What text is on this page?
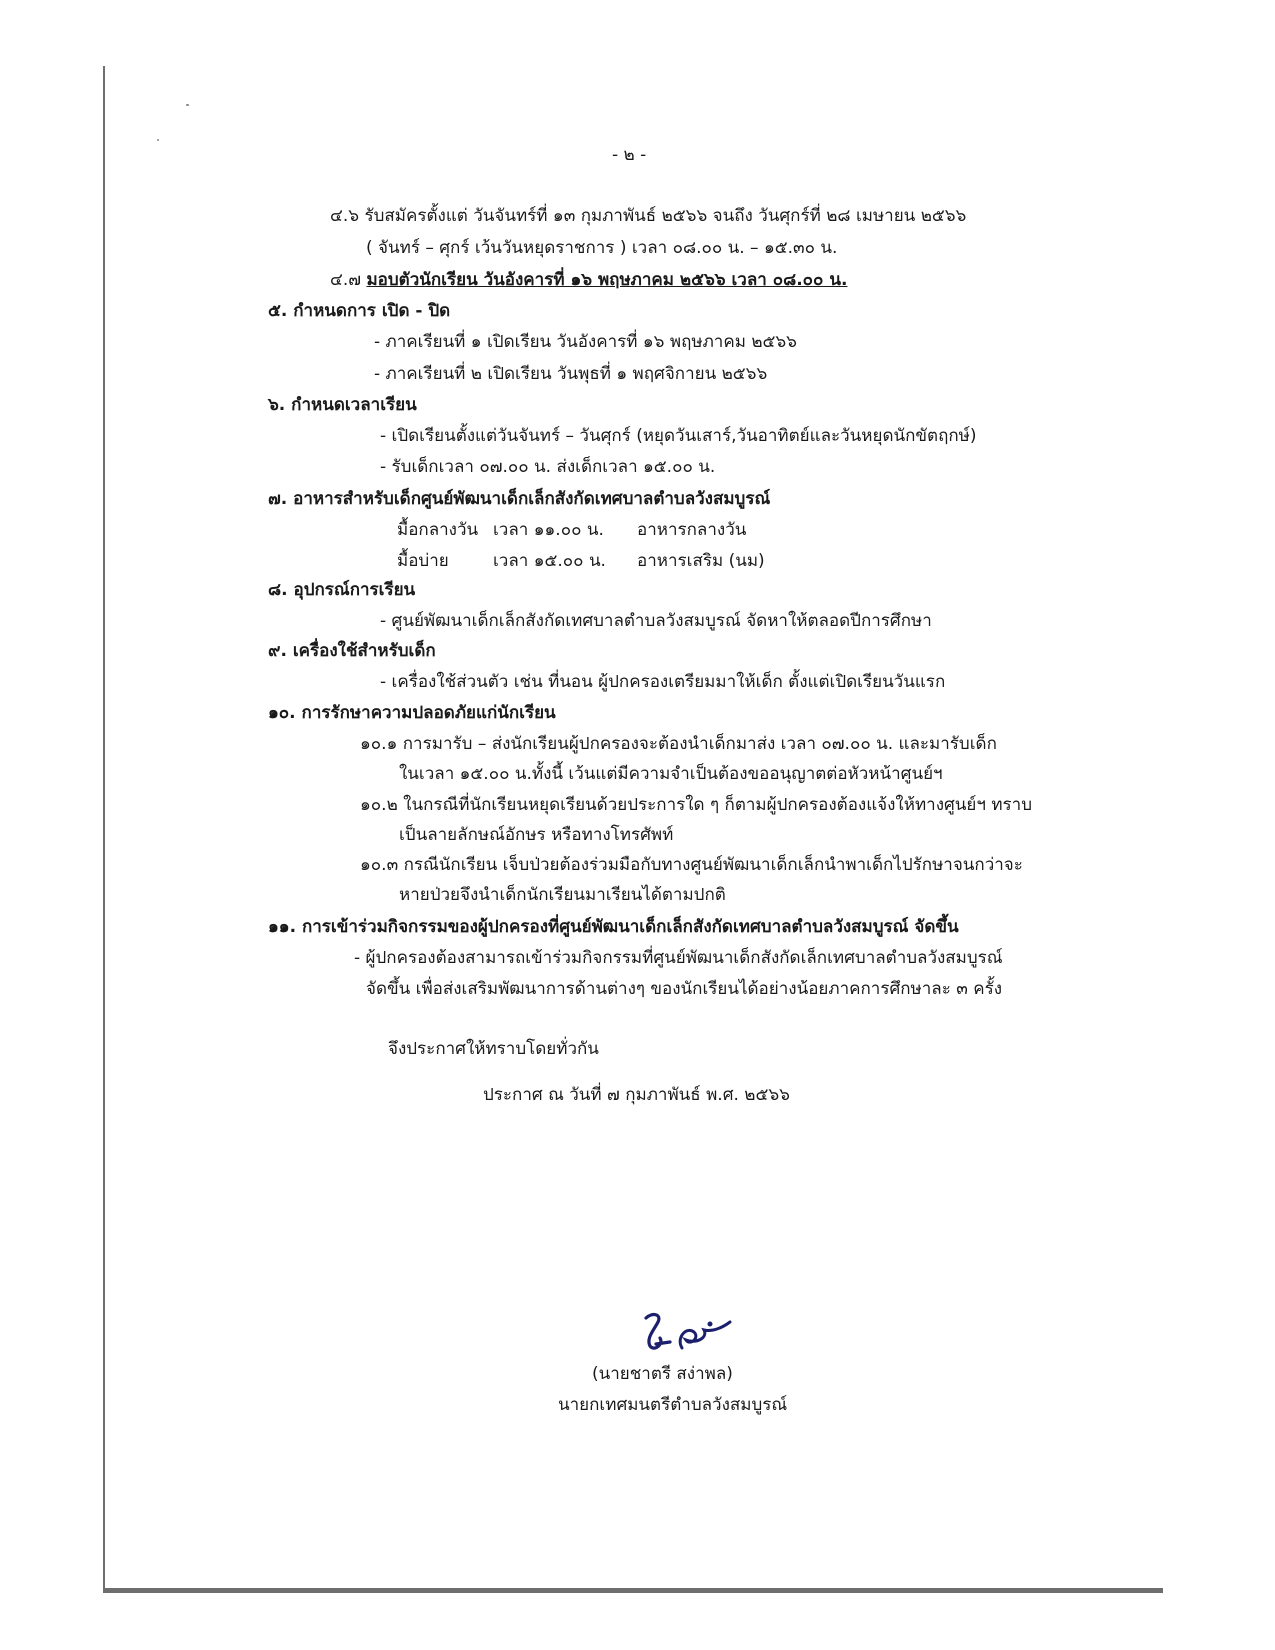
- ๒ -
๔.๖ รับสมัครตั้งแต่ วันจันทร์ที่ ๑๓ กุมภาพันธ์ ๒๕๖๖ จนถึง วันศุกร์ที่ ๒๘ เมษายน ๒๕๖๖
( จันทร์ – ศุกร์ เว้นวันหยุดราชการ ) เวลา ๐๘.๐๐ น. – ๑๕.๓๐ น.
๔.๗ มอบตัวนักเรียน วันอังคารที่ ๑๖ พฤษภาคม ๒๕๖๖ เวลา ๐๘.๐๐ น.
๕. กำหนดการ เปิด - ปิด
- ภาคเรียนที่ ๑ เปิดเรียน วันอังคารที่ ๑๖ พฤษภาคม ๒๕๖๖
- ภาคเรียนที่ ๒ เปิดเรียน วันพุธที่ ๑ พฤศจิกายน ๒๕๖๖
๖. กำหนดเวลาเรียน
- เปิดเรียนตั้งแต่วันจันทร์ – วันศุกร์ (หยุดวันเสาร์,วันอาทิตย์และวันหยุดนักขัตฤกษ์)
- รับเด็กเวลา ๐๗.๐๐ น. ส่งเด็กเวลา ๑๕.๐๐ น.
๗. อาหารสำหรับเด็กศูนย์พัฒนาเด็กเล็กสังกัดเทศบาลตำบลวังสมบูรณ์
มื้อกลางวัน เวลา ๑๑.๐๐ น. อาหารกลางวัน
มื้อบ่าย	เวลา ๑๕.๐๐ น. อาหารเสริม (นม)
๘. อุปกรณ์การเรียน
- ศูนย์พัฒนาเด็กเล็กสังกัดเทศบาลตำบลวังสมบูรณ์ จัดหาให้ตลอดปีการศึกษา
๙. เครื่องใช้สำหรับเด็ก
- เครื่องใช้ส่วนตัว เช่น ที่นอน ผู้ปกครองเตรียมมาให้เด็ก ตั้งแต่เปิดเรียนวันแรก
๑๐. การรักษาความปลอดภัยแก่นักเรียน
๑๐.๑ การมารับ – ส่งนักเรียนผู้ปกครองจะต้องนำเด็กมาส่ง เวลา ๐๗.๐๐ น. และมารับเด็ก
ในเวลา ๑๕.๐๐ น.ทั้งนี้ เว้นแต่มีความจำเป็นต้องขออนุญาตต่อหัวหน้าศูนย์ฯ
๑๐.๒ ในกรณีที่นักเรียนหยุดเรียนด้วยประการใด ๆ ก็ตามผู้ปกครองต้องแจ้งให้ทางศูนย์ฯ ทราบ
เป็นลายลักษณ์อักษร หรือทางโทรศัพท์
๑๐.๓ กรณีนักเรียน เจ็บป่วยต้องร่วมมือกับทางศูนย์พัฒนาเด็กเล็กนำพาเด็กไปรักษาจนกว่าจะ
หายป่วยจึงนำเด็กนักเรียนมาเรียนได้ตามปกติ
๑๑. การเข้าร่วมกิจกรรมของผู้ปกครองที่ศูนย์พัฒนาเด็กเล็กสังกัดเทศบาลตำบลวังสมบูรณ์ จัดขึ้น
- ผู้ปกครองต้องสามารถเข้าร่วมกิจกรรมที่ศูนย์พัฒนาเด็กสังกัดเล็กเทศบาลตำบลวังสมบูรณ์
จัดขึ้น เพื่อส่งเสริมพัฒนาการด้านต่างๆ ของนักเรียนได้อย่างน้อยภาคการศึกษาละ ๓ ครั้ง
จึงประกาศให้ทราบโดยทั่วกัน
ประกาศ ณ วันที่ ๗ กุมภาพันธ์ พ.ศ. ๒๕๖๖
(นายชาตรี สง่าพล)
นายกเทศมนตรีตำบลวังสมบูรณ์
